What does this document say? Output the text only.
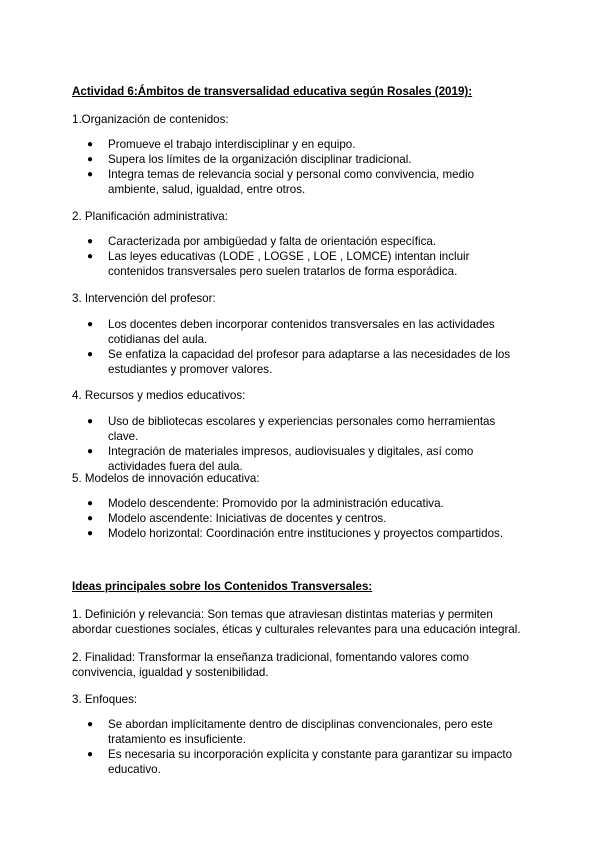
Actividad 6:Ámbitos de transversalidad educativa según Rosales (2019):

1.Organización de contenidos:

● Promueve el trabajo interdisciplinar y en equipo.
● Supera los límites de la organización disciplinar tradicional.
● Integra temas de relevancia social y personal como convivencia, medio ambiente, salud, igualdad, entre otros.

2. Planificación administrativa:

● Caracterizada por ambigüedad y falta de orientación específica.
● Las leyes educativas (LODE , LOGSE , LOE , LOMCE) intentan incluir contenidos transversales pero suelen tratarlos de forma esporádica.

3. Intervención del profesor:

● Los docentes deben incorporar contenidos transversales en las actividades cotidianas del aula.
● Se enfatiza la capacidad del profesor para adaptarse a las necesidades de los estudiantes y promover valores.

4. Recursos y medios educativos:

● Uso de bibliotecas escolares y experiencias personales como herramientas clave.
● Integración de materiales impresos, audiovisuales y digitales, así como actividades fuera del aula.

5. Modelos de innovación educativa:

● Modelo descendente: Promovido por la administración educativa.
● Modelo ascendente: Iniciativas de docentes y centros.
● Modelo horizontal: Coordinación entre instituciones y proyectos compartidos.

Ideas principales sobre los Contenidos Transversales:

1. Definición y relevancia: Son temas que atraviesan distintas materias y permiten abordar cuestiones sociales, éticas y culturales relevantes para una educación integral.

2. Finalidad: Transformar la enseñanza tradicional, fomentando valores como convivencia, igualdad y sostenibilidad.

3. Enfoques:

● Se abordan implícitamente dentro de disciplinas convencionales, pero este tratamiento es insuficiente.
● Es necesaria su incorporación explícita y constante para garantizar su impacto educativo.
